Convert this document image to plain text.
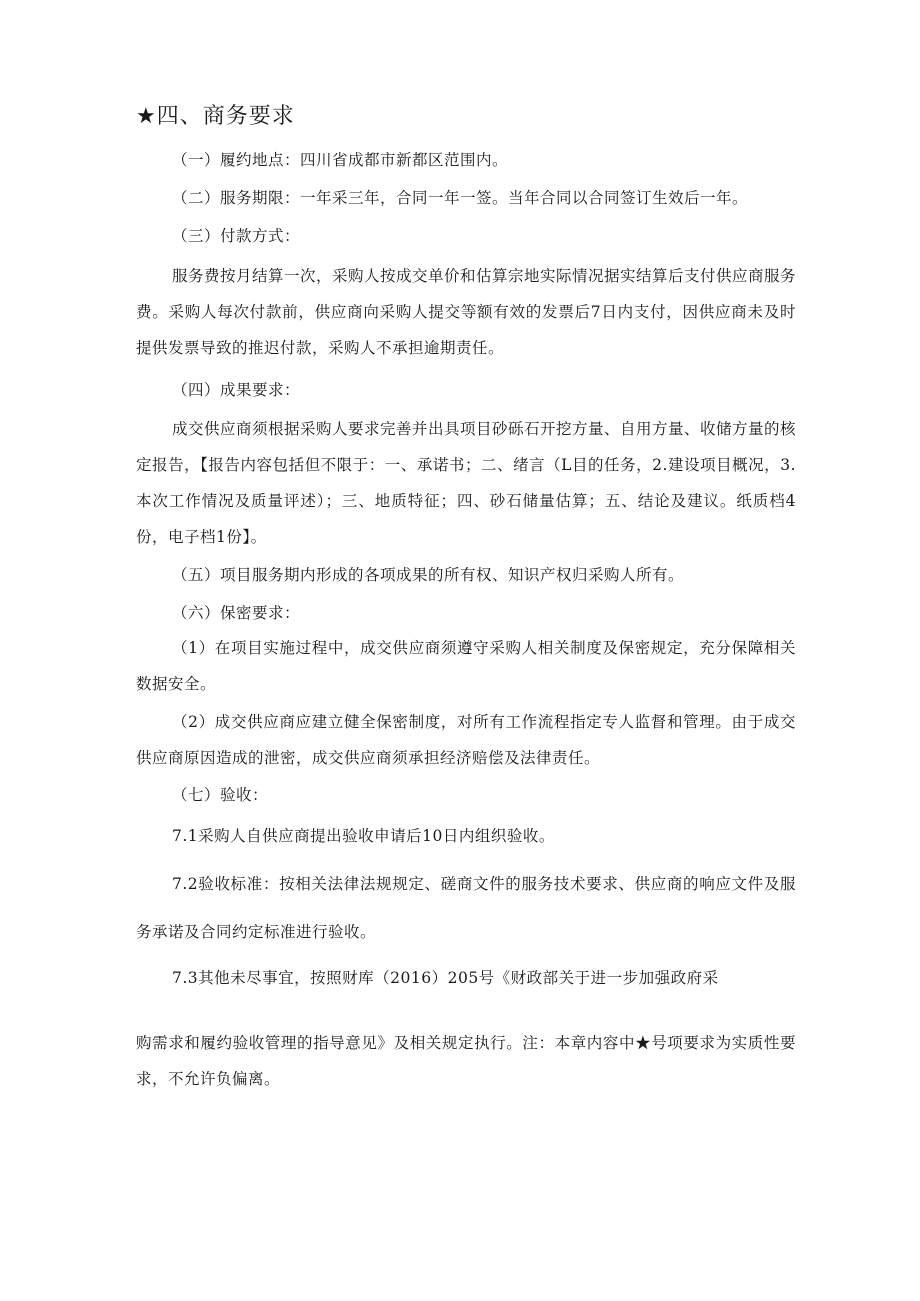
★四、商务要求
（一）履约地点：四川省成都市新都区范围内。
（二）服务期限：一年采三年，合同一年一签。当年合同以合同签订生效后一年。
（三）付款方式：
服务费按月结算一次，采购人按成交单价和估算宗地实际情况据实结算后支付供应商服务费。采购人每次付款前，供应商向采购人提交等额有效的发票后7日内支付，因供应商未及时提供发票导致的推迟付款，采购人不承担逾期责任。
（四）成果要求：
成交供应商须根据采购人要求完善并出具项目砂砾石开挖方量、自用方量、收储方量的核定报告，【报告内容包括但不限于：一、承诺书；二、绪言（L目的任务，2.建设项目概况，3.本次工作情况及质量评述）；三、地质特征；四、砂石储量估算；五、结论及建议。纸质档4份，电子档1份】。
（五）项目服务期内形成的各项成果的所有权、知识产权归采购人所有。
（六）保密要求：
（1）在项目实施过程中，成交供应商须遵守采购人相关制度及保密规定，充分保障相关数据安全。
（2）成交供应商应建立健全保密制度，对所有工作流程指定专人监督和管理。由于成交供应商原因造成的泄密，成交供应商须承担经济赔偿及法律责任。
（七）验收：
7.1采购人自供应商提出验收申请后10日内组织验收。
7.2验收标准：按相关法律法规规定、磋商文件的服务技术要求、供应商的响应文件及服务承诺及合同约定标准进行验收。
7.3其他未尽事宜，按照财库（2016）205号《财政部关于进一步加强政府采
购需求和履约验收管理的指导意见》及相关规定执行。注：本章内容中★号项要求为实质性要求，不允许负偏离。
